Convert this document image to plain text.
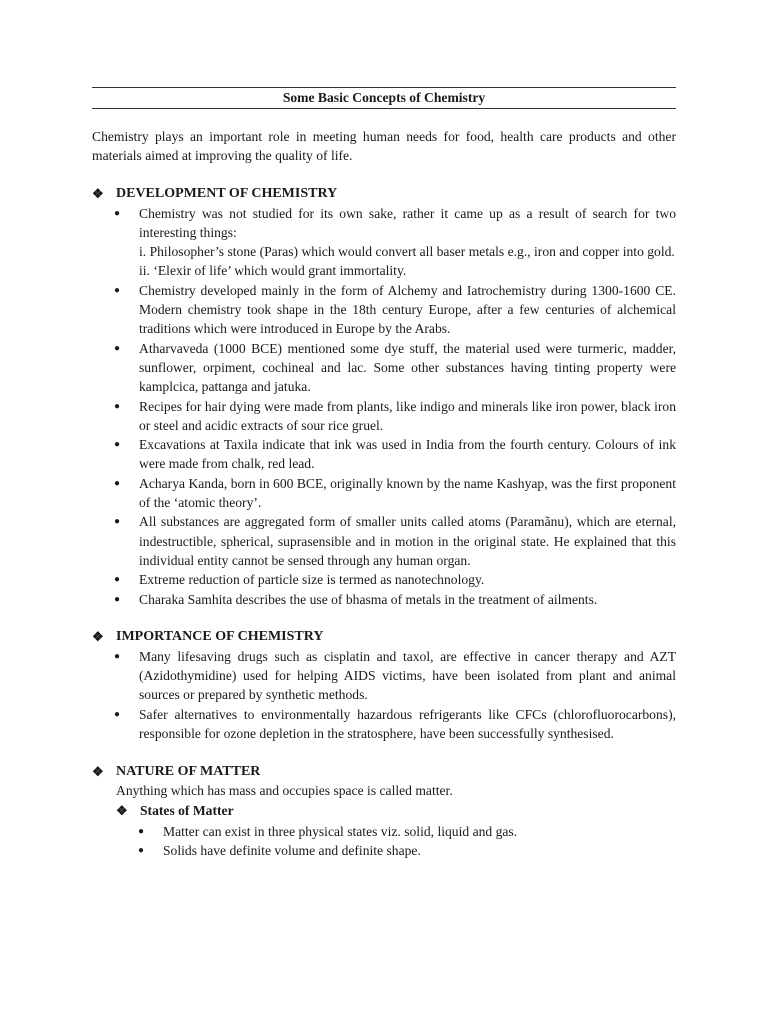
Some Basic Concepts of Chemistry
Chemistry plays an important role in meeting human needs for food, health care products and other materials aimed at improving the quality of life.
❖ DEVELOPMENT OF CHEMISTRY
● Chemistry was not studied for its own sake, rather it came up as a result of search for two interesting things:
i. Philosopher’s stone (Paras) which would convert all baser metals e.g., iron and copper into gold.
ii. ‘Elexir of life’ which would grant immortality.
● Chemistry developed mainly in the form of Alchemy and Iatrochemistry during 1300-1600 CE. Modern chemistry took shape in the 18th century Europe, after a few centuries of alchemical traditions which were introduced in Europe by the Arabs.
● Atharvaveda (1000 BCE) mentioned some dye stuff, the material used were turmeric, madder, sunflower, orpiment, cochineal and lac. Some other substances having tinting property were kamplcica, pattanga and jatuka.
● Recipes for hair dying were made from plants, like indigo and minerals like iron power, black iron or steel and acidic extracts of sour rice gruel.
● Excavations at Taxila indicate that ink was used in India from the fourth century. Colours of ink were made from chalk, red lead.
● Acharya Kanda, born in 600 BCE, originally known by the name Kashyap, was the first proponent of the ‘atomic theory’.
● All substances are aggregated form of smaller units called atoms (Paramãnu), which are eternal, indestructible, spherical, suprasensible and in motion in the original state. He explained that this individual entity cannot be sensed through any human organ.
● Extreme reduction of particle size is termed as nanotechnology.
● Charaka Samhita describes the use of bhasma of metals in the treatment of ailments.
❖ IMPORTANCE OF CHEMISTRY
● Many lifesaving drugs such as cisplatin and taxol, are effective in cancer therapy and AZT (Azidothymidine) used for helping AIDS victims, have been isolated from plant and animal sources or prepared by synthetic methods.
● Safer alternatives to environmentally hazardous refrigerants like CFCs (chlorofluorocarbons), responsible for ozone depletion in the stratosphere, have been successfully synthesised.
❖ NATURE OF MATTER
Anything which has mass and occupies space is called matter.
❖ States of Matter
● Matter can exist in three physical states viz. solid, liquid and gas.
● Solids have definite volume and definite shape.
